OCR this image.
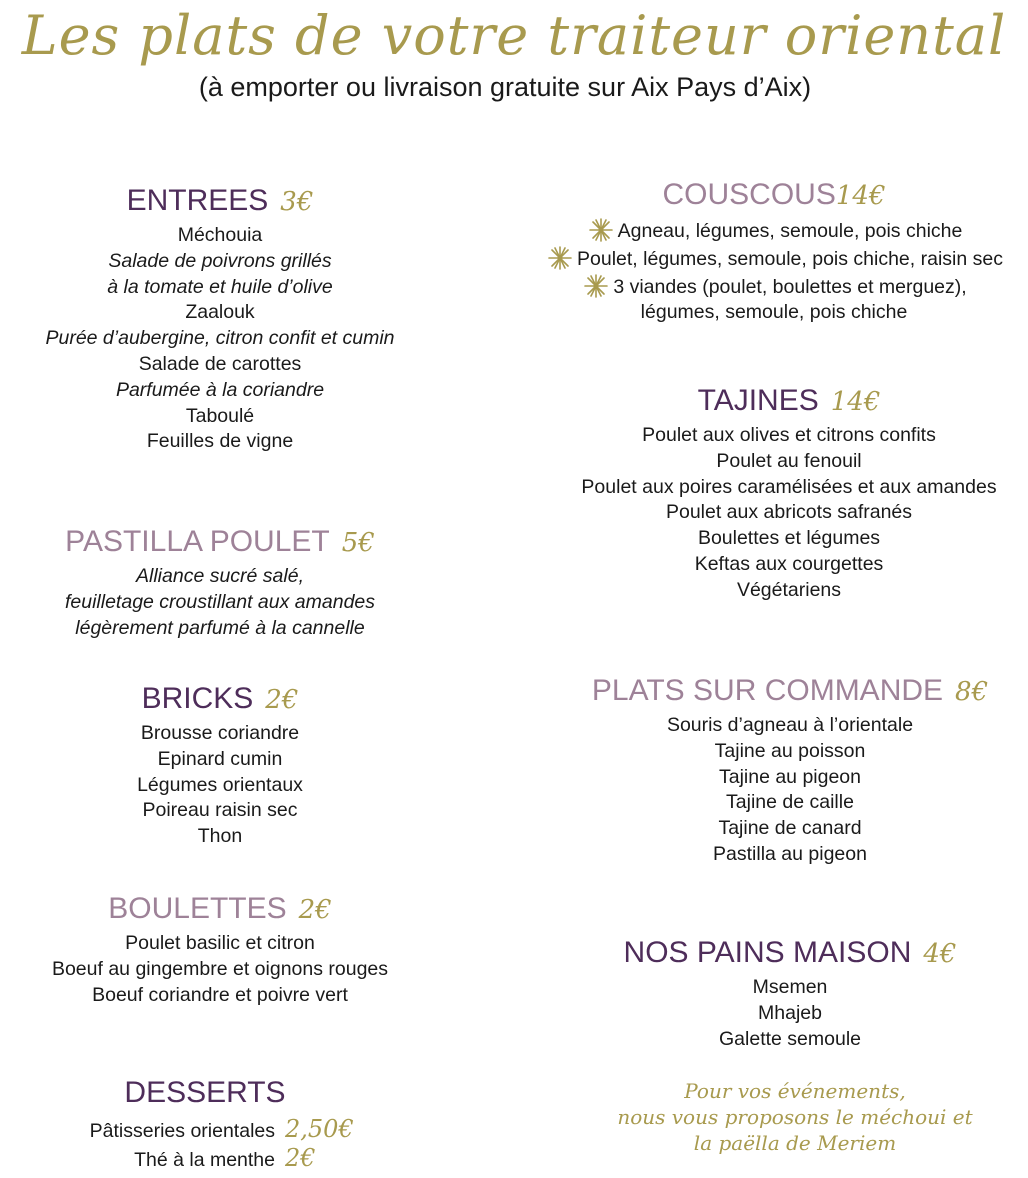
Les plats de votre traiteur oriental
(à emporter ou livraison gratuite sur Aix Pays d’Aix)
ENTREES 3€
Méchouia
Salade de poivrons grillés
à la tomate et huile d’olive
Zaalouk
Purée d’aubergine, citron confit et cumin
Salade de carottes
Parfumée à la coriandre
Taboulé
Feuilles de vigne
PASTILLA POULET 5€
Alliance sucré salé,
feuilletage croustillant aux amandes
légèrement parfumé à la cannelle
BRICKS 2€
Brousse coriandre
Epinard cumin
Légumes orientaux
Poireau raisin sec
Thon
BOULETTES 2€
Poulet basilic et citron
Boeuf au gingembre et oignons rouges
Boeuf coriandre et poivre vert
DESSERTS
Pâtisseries orientales 2,50€
Thé à la menthe 2€
COUSCOUS14€
Agneau, légumes, semoule, pois chiche
Poulet, légumes, semoule, pois chiche, raisin sec
3 viandes (poulet, boulettes et merguez),
légumes, semoule, pois chiche
TAJINES 14€
Poulet aux olives et citrons confits
Poulet au fenouil
Poulet aux poires caramélisées et aux amandes
Poulet aux abricots safranés
Boulettes et légumes
Keftas aux courgettes
Végétariens
PLATS SUR COMMANDE 8€
Souris d’agneau à l’orientale
Tajine au poisson
Tajine au pigeon
Tajine de caille
Tajine de canard
Pastilla au pigeon
NOS PAINS MAISON 4€
Msemen
Mhajeb
Galette semoule
Pour vos événements,
nous vous proposons le méchoui et
la paëlla de Meriem
